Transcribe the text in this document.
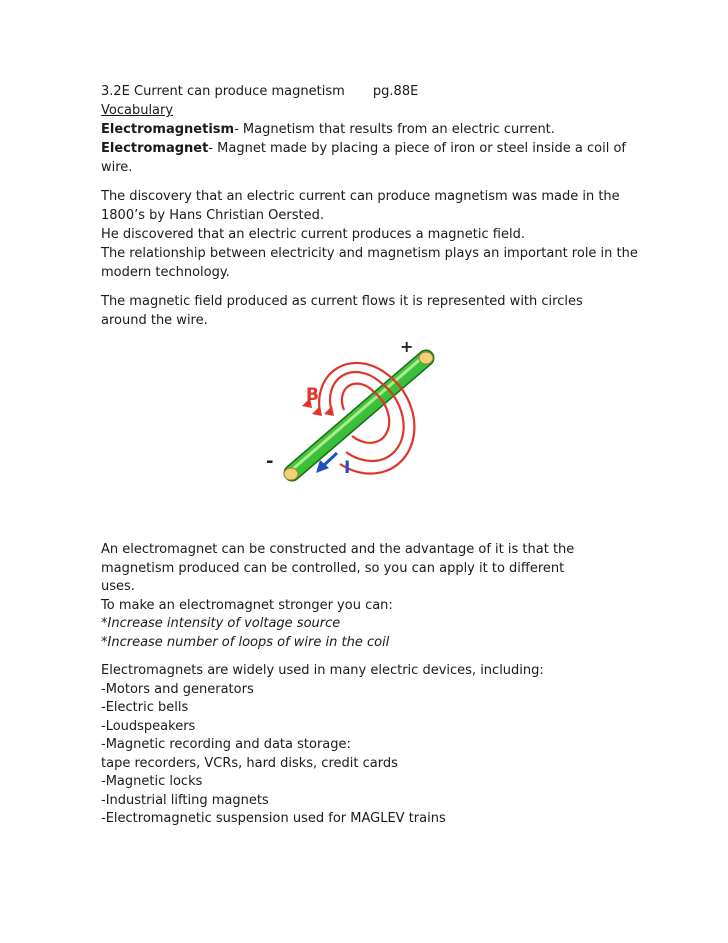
3.2E Current can produce magnetism pg.88E
Vocabulary
Electromagnetism- Magnetism that results from an electric current.
Electromagnet- Magnet made by placing a piece of iron or steel inside a coil of
wire.
The discovery that an electric current can produce magnetism was made in the
1800’s by Hans Christian Oersted.
He discovered that an electric current produces a magnetic field.
The relationship between electricity and magnetism plays an important role in the
modern technology.
The magnetic field produced as current flows it is represented with circles
around the wire.
+
-
B
I
An electromagnet can be constructed and the advantage of it is that the
magnetism produced can be controlled, so you can apply it to different
uses.
To make an electromagnet stronger you can:
*Increase intensity of voltage source
*Increase number of loops of wire in the coil
Electromagnets are widely used in many electric devices, including:
-Motors and generators
-Electric bells
-Loudspeakers
-Magnetic recording and data storage:
tape recorders, VCRs, hard disks, credit cards
-Magnetic locks
-Industrial lifting magnets
-Electromagnetic suspension used for MAGLEV trains
